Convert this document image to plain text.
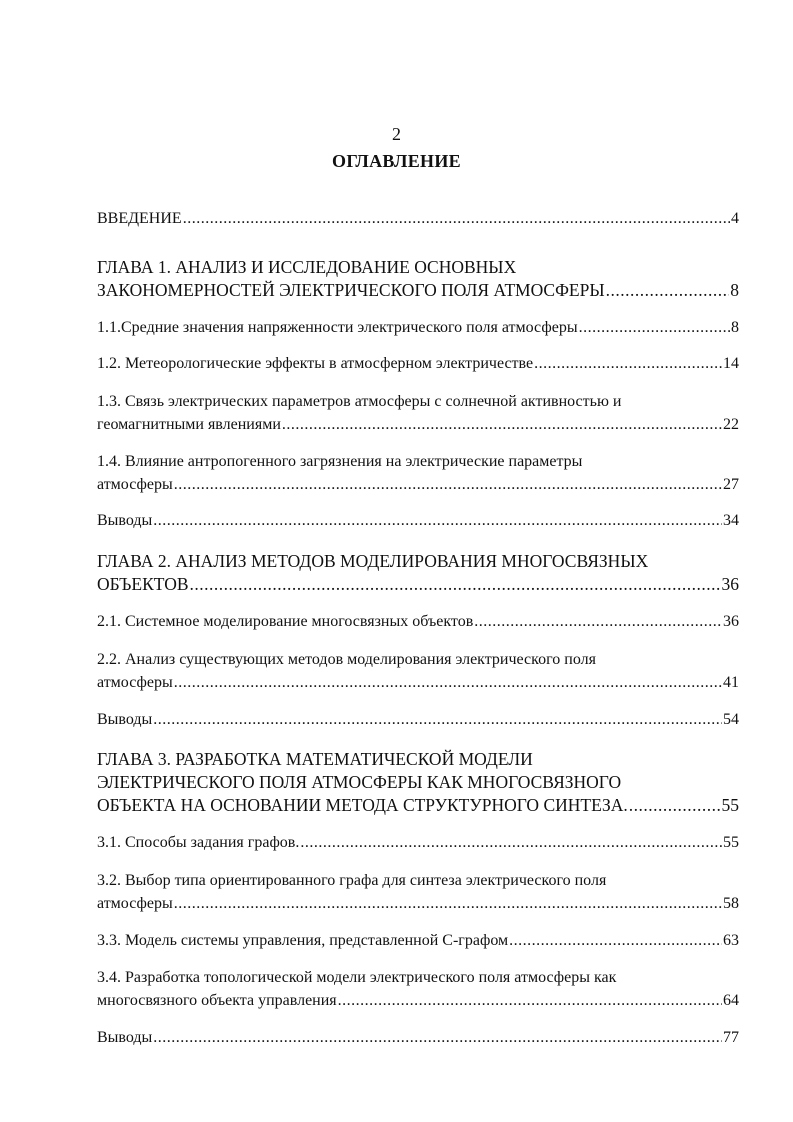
2
ОГЛАВЛЕНИЕ
ВВЕДЕНИЕ .....	4
ГЛАВА 1. АНАЛИЗ И ИССЛЕДОВАНИЕ ОСНОВНЫХ
ЗАКОНОМЕРНОСТЕЙ ЭЛЕКТРИЧЕСКОГО ПОЛЯ АТМОСФЕРЫ .....	8
1.1.Средние значения напряженности электрического поля атмосферы .....	8
1.2. Метеорологические эффекты в атмосферном электричестве .....	14
1.3. Связь электрических параметров атмосферы с солнечной активностью и
геомагнитными явлениями .....	22
1.4. Влияние антропогенного загрязнения на электрические параметры
атмосферы .....	27
Выводы .....	34
ГЛАВА 2. АНАЛИЗ МЕТОДОВ МОДЕЛИРОВАНИЯ МНОГОСВЯЗНЫХ
ОБЪЕКТОВ .....	36
2.1. Системное моделирование многосвязных объектов .....	36
2.2. Анализ существующих методов моделирования электрического поля
атмосферы .....	41
Выводы .....	54
ГЛАВА 3. РАЗРАБОТКА МАТЕМАТИЧЕСКОЙ МОДЕЛИ
ЭЛЕКТРИЧЕСКОГО ПОЛЯ АТМОСФЕРЫ КАК МНОГОСВЯЗНОГО
ОБЪЕКТА НА ОСНОВАНИИ МЕТОДА СТРУКТУРНОГО СИНТЕЗА. .....	55
3.1. Способы задания графов. .....	55
3.2. Выбор типа ориентированного графа для синтеза электрического поля
атмосферы .....	58
3.3. Модель системы управления, представленной С-графом .....	63
3.4. Разработка топологической модели электрического поля атмосферы как
многосвязного объекта управления .....	64
Выводы .....	77
